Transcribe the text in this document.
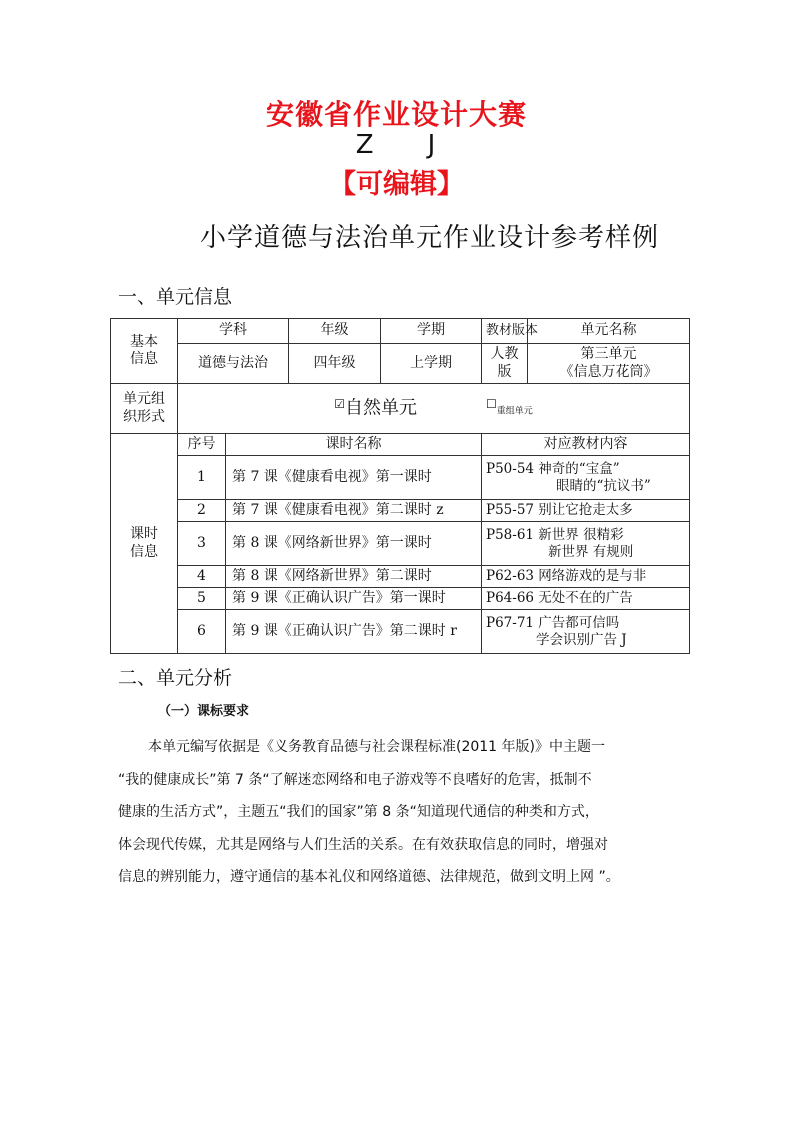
安徽省作业设计大赛
Z J
【可编辑】
小学道德与法治单元作业设计参考样例
一、单元信息
基本
信息	学科		年级	学期	教材版本	单元名称
	道德与法治		四年级	上学期	人教版	第三单元
《信息万花筒》
单元组
织形式	☑自然单元 ☐重组单元					
课时
信息	序号	课时名称			对应教材内容	
	1	第 7 课《健康看电视》第一课时			P50-54 神奇的“宝盒”
眼睛的“抗议书”	

	2	第 7 课《健康看电视》第二课时 z			P55-57 别让它抢走太多	
	3	第 8 课《网络新世界》第一课时			P58-61 新世界 很精彩
新世界 有规则	

	4	第 8 课《网络新世界》第二课时			P62-63 网络游戏的是与非	
	5	第 9 课《正确认识广告》第一课时			P64-66 无处不在的广告	
	6	第 9 课《正确认识广告》第二课时 r			P67-71 广告都可信吗
学会识别广告 J	
二、单元分析
（一）课标要求

本单元编写依据是《义务教育品德与社会课程标准(2011 年版)》中主题一

“我的健康成长”第 7 条“了解迷恋网络和电子游戏等不良嗜好的危害，抵制不

健康的生活方式”，主题五“我们的国家”第 8 条“知道现代通信的种类和方式，

体会现代传媒，尤其是网络与人们生活的关系。在有效获取信息的同时，增强对

信息的辨别能力，遵守通信的基本礼仪和网络道德、法律规范，做到文明上网 ”。
